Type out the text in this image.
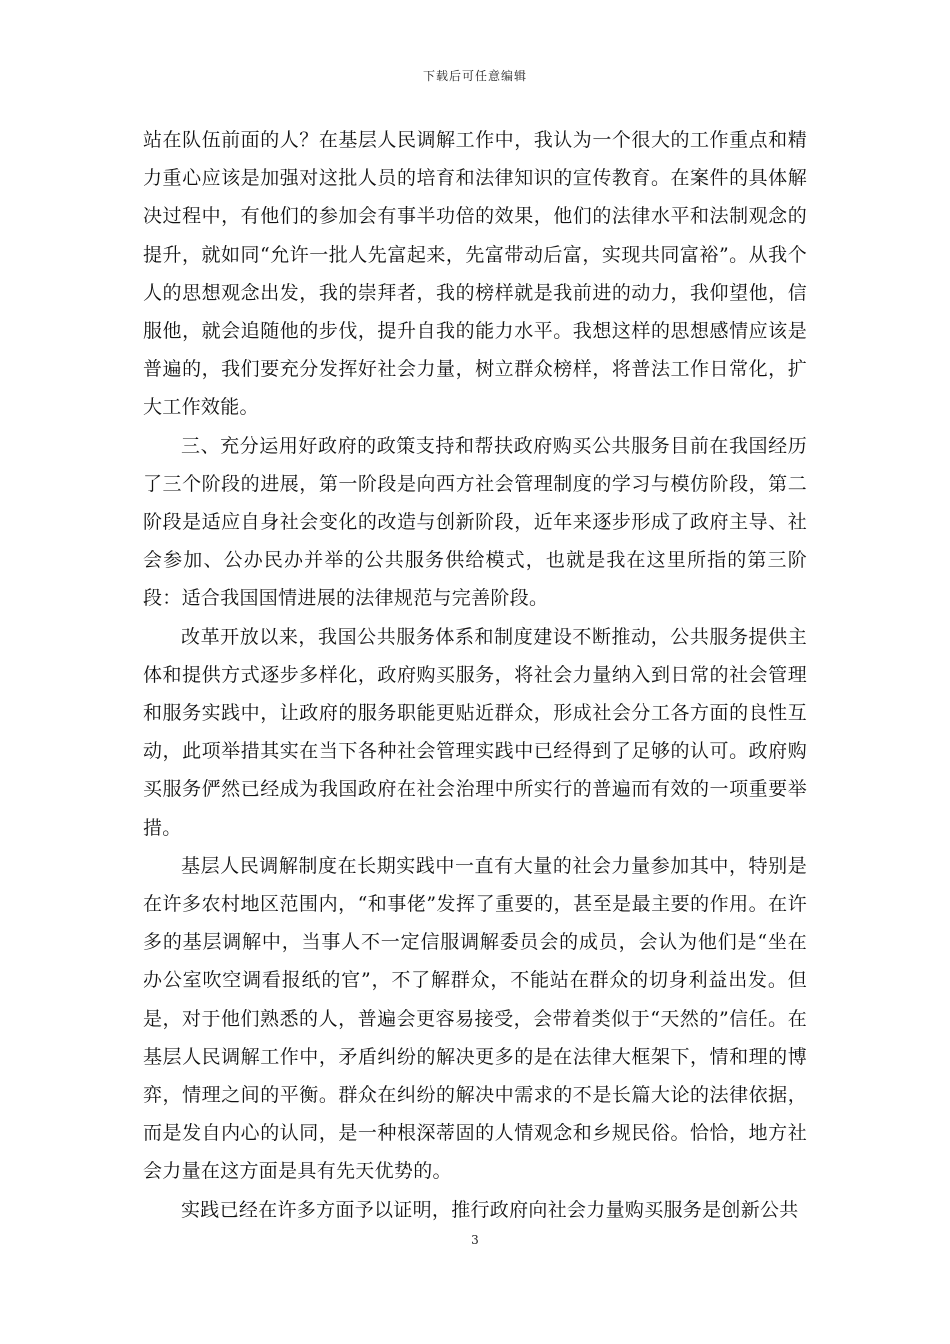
下载后可任意编辑

站在队伍前面的人？在基层人民调解工作中，我认为一个很大的工作重点和精力重心应该是加强对这批人员的培育和法律知识的宣传教育。在案件的具体解决过程中，有他们的参加会有事半功倍的效果，他们的法律水平和法制观念的提升，就如同“允许一批人先富起来，先富带动后富，实现共同富裕”。从我个人的思想观念出发，我的崇拜者，我的榜样就是我前进的动力，我仰望他，信服他，就会追随他的步伐，提升自我的能力水平。我想这样的思想感情应该是普遍的，我们要充分发挥好社会力量，树立群众榜样，将普法工作日常化，扩大工作效能。

三、充分运用好政府的政策支持和帮扶政府购买公共服务目前在我国经历了三个阶段的进展，第一阶段是向西方社会管理制度的学习与模仿阶段，第二阶段是适应自身社会变化的改造与创新阶段，近年来逐步形成了政府主导、社会参加、公办民办并举的公共服务供给模式，也就是我在这里所指的第三阶段：适合我国国情进展的法律规范与完善阶段。

改革开放以来，我国公共服务体系和制度建设不断推动，公共服务提供主体和提供方式逐步多样化，政府购买服务，将社会力量纳入到日常的社会管理和服务实践中，让政府的服务职能更贴近群众，形成社会分工各方面的良性互动，此项举措其实在当下各种社会管理实践中已经得到了足够的认可。政府购买服务俨然已经成为我国政府在社会治理中所实行的普遍而有效的一项重要举措。

基层人民调解制度在长期实践中一直有大量的社会力量参加其中，特别是在许多农村地区范围内，“和事佬”发挥了重要的，甚至是最主要的作用。在许多的基层调解中，当事人不一定信服调解委员会的成员，会认为他们是“坐在办公室吹空调看报纸的官”，不了解群众，不能站在群众的切身利益出发。但是，对于他们熟悉的人，普遍会更容易接受，会带着类似于“天然的”信任。在基层人民调解工作中，矛盾纠纷的解决更多的是在法律大框架下，情和理的博弈，情理之间的平衡。群众在纠纷的解决中需求的不是长篇大论的法律依据，而是发自内心的认同，是一种根深蒂固的人情观念和乡规民俗。恰恰，地方社会力量在这方面是具有先天优势的。

实践已经在许多方面予以证明，推行政府向社会力量购买服务是创新公共

3
